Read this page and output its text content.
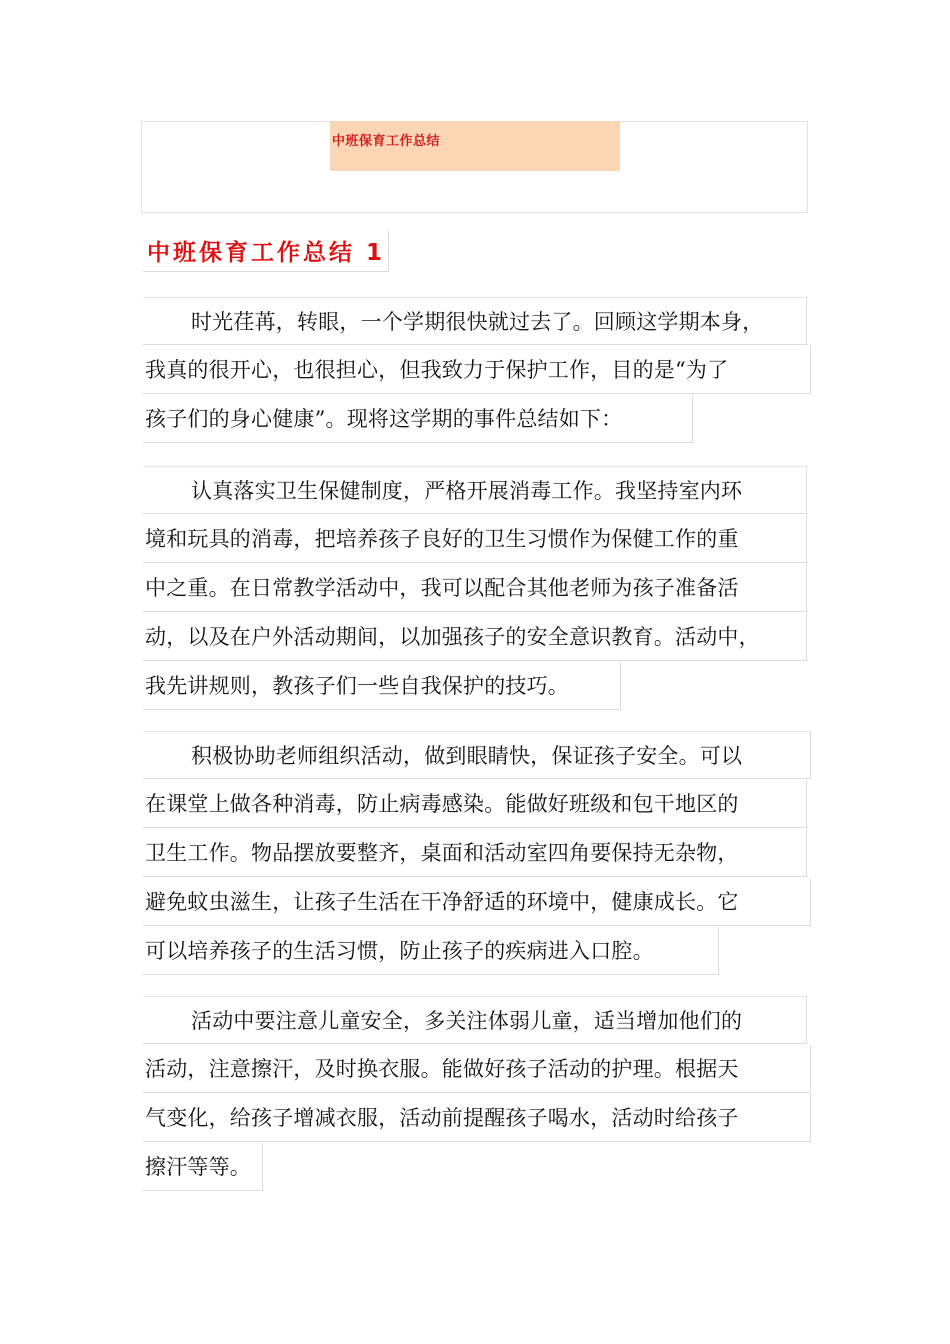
中班保育工作总结
中班保育工作总结 1
时光荏苒，转眼，一个学期很快就过去了。回顾这学期本身，
我真的很开心，也很担心，但我致力于保护工作，目的是“为了
孩子们的身心健康”。现将这学期的事件总结如下：
认真落实卫生保健制度，严格开展消毒工作。我坚持室内环
境和玩具的消毒，把培养孩子良好的卫生习惯作为保健工作的重
中之重。在日常教学活动中，我可以配合其他老师为孩子准备活
动，以及在户外活动期间，以加强孩子的安全意识教育。活动中，
我先讲规则，教孩子们一些自我保护的技巧。
积极协助老师组织活动，做到眼睛快，保证孩子安全。可以
在课堂上做各种消毒，防止病毒感染。能做好班级和包干地区的
卫生工作。物品摆放要整齐，桌面和活动室四角要保持无杂物，
避免蚊虫滋生，让孩子生活在干净舒适的环境中，健康成长。它
可以培养孩子的生活习惯，防止孩子的疾病进入口腔。
活动中要注意儿童安全，多关注体弱儿童，适当增加他们的
活动，注意擦汗，及时换衣服。能做好孩子活动的护理。根据天
气变化，给孩子增减衣服，活动前提醒孩子喝水，活动时给孩子
擦汗等等。
